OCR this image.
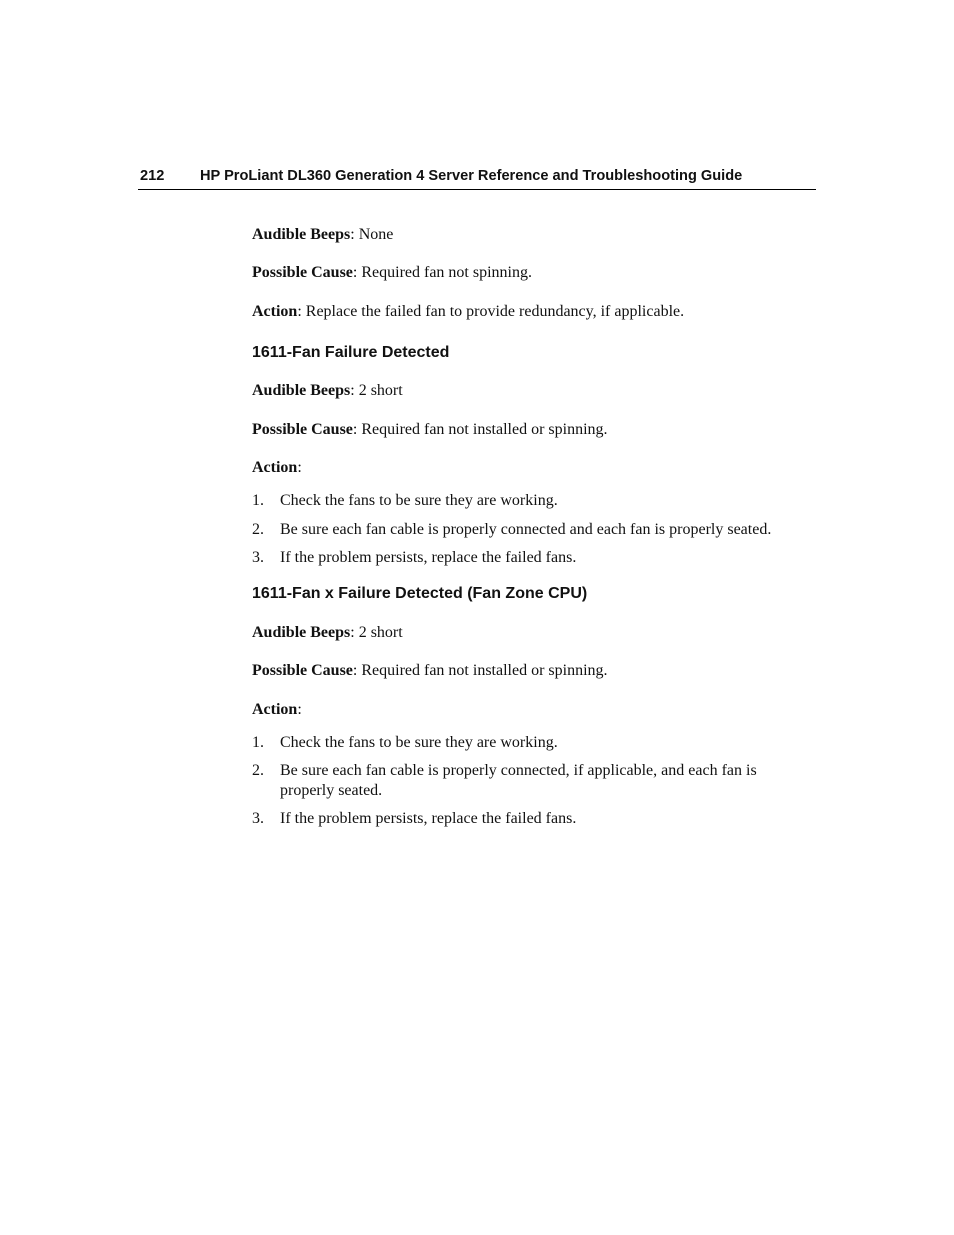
212 HP ProLiant DL360 Generation 4 Server Reference and Troubleshooting Guide
Audible Beeps: None
Possible Cause: Required fan not spinning.
Action: Replace the failed fan to provide redundancy, if applicable.
1611-Fan Failure Detected
Audible Beeps: 2 short
Possible Cause: Required fan not installed or spinning.
Action:
1. Check the fans to be sure they are working.
2. Be sure each fan cable is properly connected and each fan is properly seated.
3. If the problem persists, replace the failed fans.
1611-Fan x Failure Detected (Fan Zone CPU)
Audible Beeps: 2 short
Possible Cause: Required fan not installed or spinning.
Action:
1. Check the fans to be sure they are working.
2. Be sure each fan cable is properly connected, if applicable, and each fan is properly seated.
3. If the problem persists, replace the failed fans.
